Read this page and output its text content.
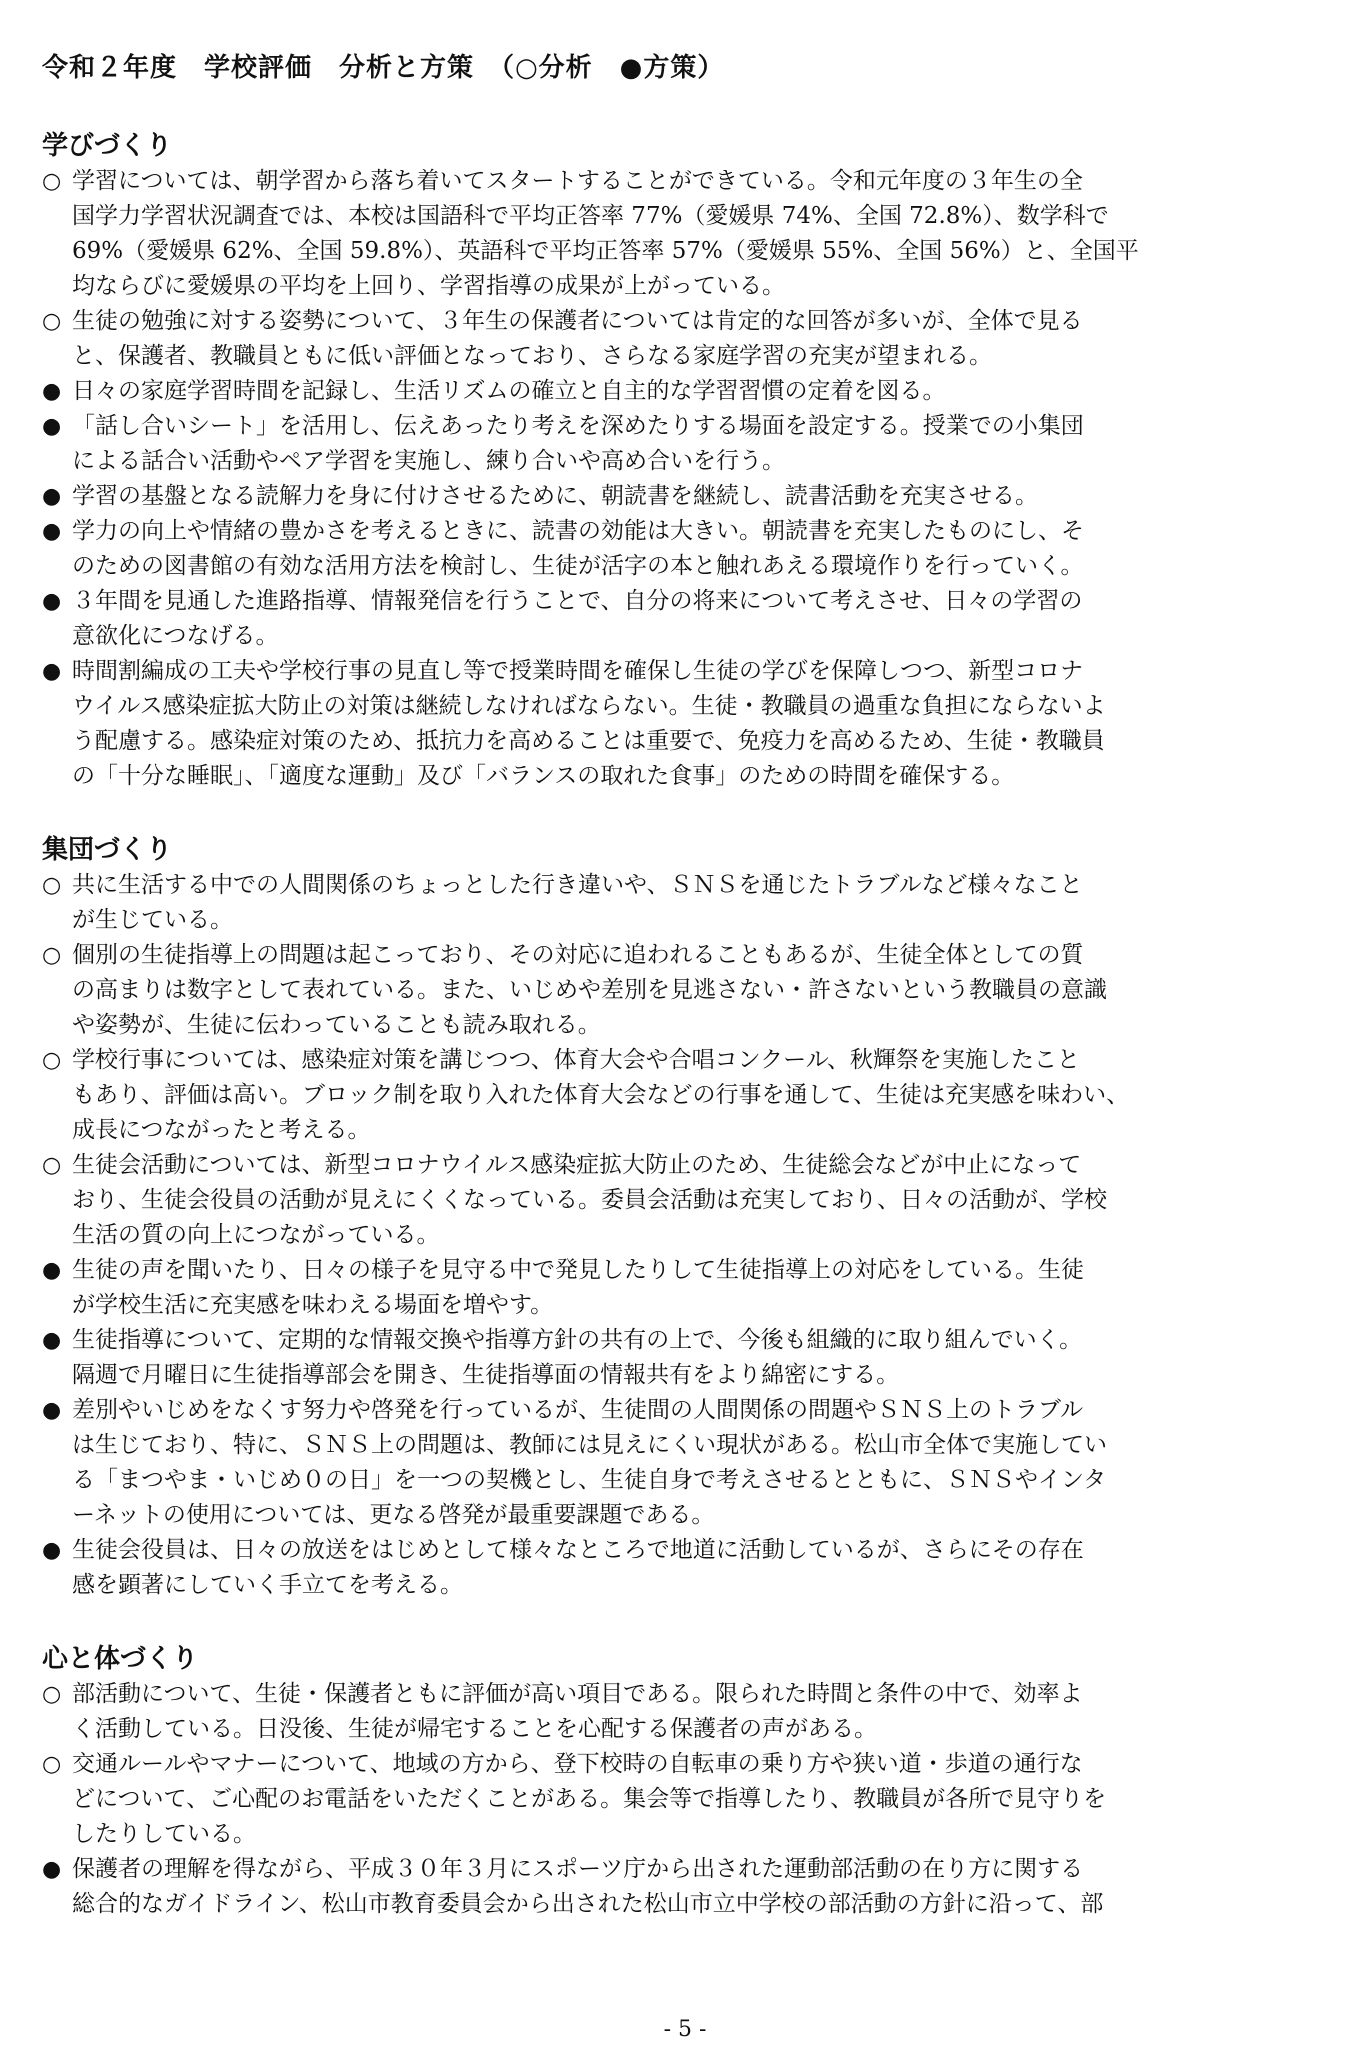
令和２年度　学校評価　分析と方策　（○分析　●方策）
学びづくり
○ 学習については、朝学習から落ち着いてスタートすることができている。令和元年度の３年生の全
国学力学習状況調査では、本校は国語科で平均正答率 77%（愛媛県 74%、全国 72.8%）、数学科で
69%（愛媛県 62%、全国 59.8%）、英語科で平均正答率 57%（愛媛県 55%、全国 56%）と、全国平
均ならびに愛媛県の平均を上回り、学習指導の成果が上がっている。
○ 生徒の勉強に対する姿勢について、３年生の保護者については肯定的な回答が多いが、全体で見る
と、保護者、教職員ともに低い評価となっており、さらなる家庭学習の充実が望まれる。
● 日々の家庭学習時間を記録し、生活リズムの確立と自主的な学習習慣の定着を図る。
● 「話し合いシート」を活用し、伝えあったり考えを深めたりする場面を設定する。授業での小集団
による話合い活動やペア学習を実施し、練り合いや高め合いを行う。
● 学習の基盤となる読解力を身に付けさせるために、朝読書を継続し、読書活動を充実させる。
● 学力の向上や情緒の豊かさを考えるときに、読書の効能は大きい。朝読書を充実したものにし、そ
のための図書館の有効な活用方法を検討し、生徒が活字の本と触れあえる環境作りを行っていく。
● ３年間を見通した進路指導、情報発信を行うことで、自分の将来について考えさせ、日々の学習の
意欲化につなげる。
● 時間割編成の工夫や学校行事の見直し等で授業時間を確保し生徒の学びを保障しつつ、新型コロナ
ウイルス感染症拡大防止の対策は継続しなければならない。生徒・教職員の過重な負担にならないよ
う配慮する。感染症対策のため、抵抗力を高めることは重要で、免疫力を高めるため、生徒・教職員
の「十分な睡眠」、「適度な運動」及び「バランスの取れた食事」のための時間を確保する。
集団づくり
○ 共に生活する中での人間関係のちょっとした行き違いや、ＳＮＳを通じたトラブルなど様々なこと
が生じている。
○ 個別の生徒指導上の問題は起こっており、その対応に追われることもあるが、生徒全体としての質
の高まりは数字として表れている。また、いじめや差別を見逃さない・許さないという教職員の意識
や姿勢が、生徒に伝わっていることも読み取れる。
○ 学校行事については、感染症対策を講じつつ、体育大会や合唱コンクール、秋輝祭を実施したこと
もあり、評価は高い。ブロック制を取り入れた体育大会などの行事を通して、生徒は充実感を味わい、
成長につながったと考える。
○ 生徒会活動については、新型コロナウイルス感染症拡大防止のため、生徒総会などが中止になって
おり、生徒会役員の活動が見えにくくなっている。委員会活動は充実しており、日々の活動が、学校
生活の質の向上につながっている。
● 生徒の声を聞いたり、日々の様子を見守る中で発見したりして生徒指導上の対応をしている。生徒
が学校生活に充実感を味わえる場面を増やす。
● 生徒指導について、定期的な情報交換や指導方針の共有の上で、今後も組織的に取り組んでいく。
隔週で月曜日に生徒指導部会を開き、生徒指導面の情報共有をより綿密にする。
● 差別やいじめをなくす努力や啓発を行っているが、生徒間の人間関係の問題やＳＮＳ上のトラブル
は生じており、特に、ＳＮＳ上の問題は、教師には見えにくい現状がある。松山市全体で実施してい
る「まつやま・いじめ０の日」を一つの契機とし、生徒自身で考えさせるとともに、ＳＮＳやインタ
ーネットの使用については、更なる啓発が最重要課題である。
● 生徒会役員は、日々の放送をはじめとして様々なところで地道に活動しているが、さらにその存在
感を顕著にしていく手立てを考える。
心と体づくり
○ 部活動について、生徒・保護者ともに評価が高い項目である。限られた時間と条件の中で、効率よ
く活動している。日没後、生徒が帰宅することを心配する保護者の声がある。
○ 交通ルールやマナーについて、地域の方から、登下校時の自転車の乗り方や狭い道・歩道の通行な
どについて、ご心配のお電話をいただくことがある。集会等で指導したり、教職員が各所で見守りを
したりしている。
● 保護者の理解を得ながら、平成３０年３月にスポーツ庁から出された運動部活動の在り方に関する
総合的なガイドライン、松山市教育委員会から出された松山市立中学校の部活動の方針に沿って、部
- 5 -
